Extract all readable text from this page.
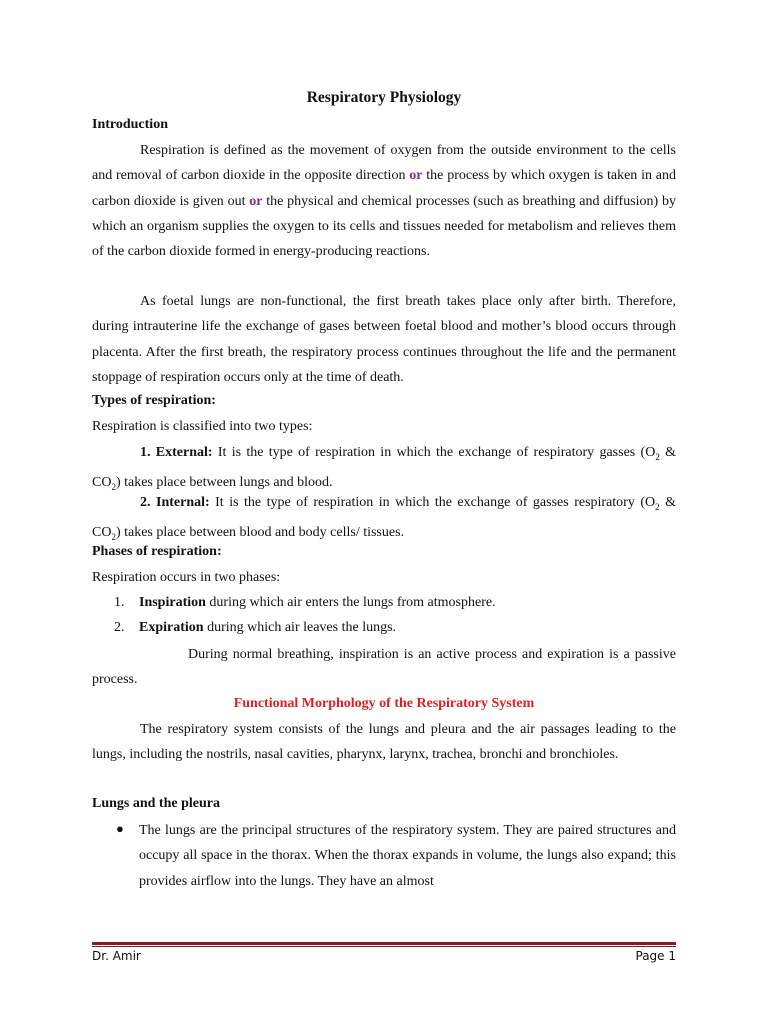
Respiratory Physiology
Introduction
Respiration is defined as the movement of oxygen from the outside environment to the cells and removal of carbon dioxide in the opposite direction or the process by which oxygen is taken in and carbon dioxide is given out or the physical and chemical processes (such as breathing and diffusion) by which an organism supplies the oxygen to its cells and tissues needed for metabolism and relieves them of the carbon dioxide formed in energy-producing reactions.
As foetal lungs are non-functional, the first breath takes place only after birth. Therefore, during intrauterine life the exchange of gases between foetal blood and mother’s blood occurs through placenta. After the first breath, the respiratory process continues throughout the life and the permanent stoppage of respiration occurs only at the time of death.
Types of respiration:
Respiration is classified into two types:
1. External: It is the type of respiration in which the exchange of respiratory gasses ($O_2$ & $CO_2$) takes place between lungs and blood.
2. Internal: It is the type of respiration in which the exchange of gasses respiratory ($O_2$ & $CO_2$) takes place between blood and body cells/ tissues.
Phases of respiration:
Respiration occurs in two phases:
1. Inspiration during which air enters the lungs from atmosphere.
2. Expiration during which air leaves the lungs.
During normal breathing, inspiration is an active process and expiration is a passive process.
Functional Morphology of the Respiratory System
The respiratory system consists of the lungs and pleura and the air passages leading to the lungs, including the nostrils, nasal cavities, pharynx, larynx, trachea, bronchi and bronchioles.
Lungs and the pleura
● The lungs are the principal structures of the respiratory system. They are paired structures and occupy all space in the thorax. When the thorax expands in volume, the lungs also expand; this provides airflow into the lungs. They have an almost
Dr. Amir	Page 1
